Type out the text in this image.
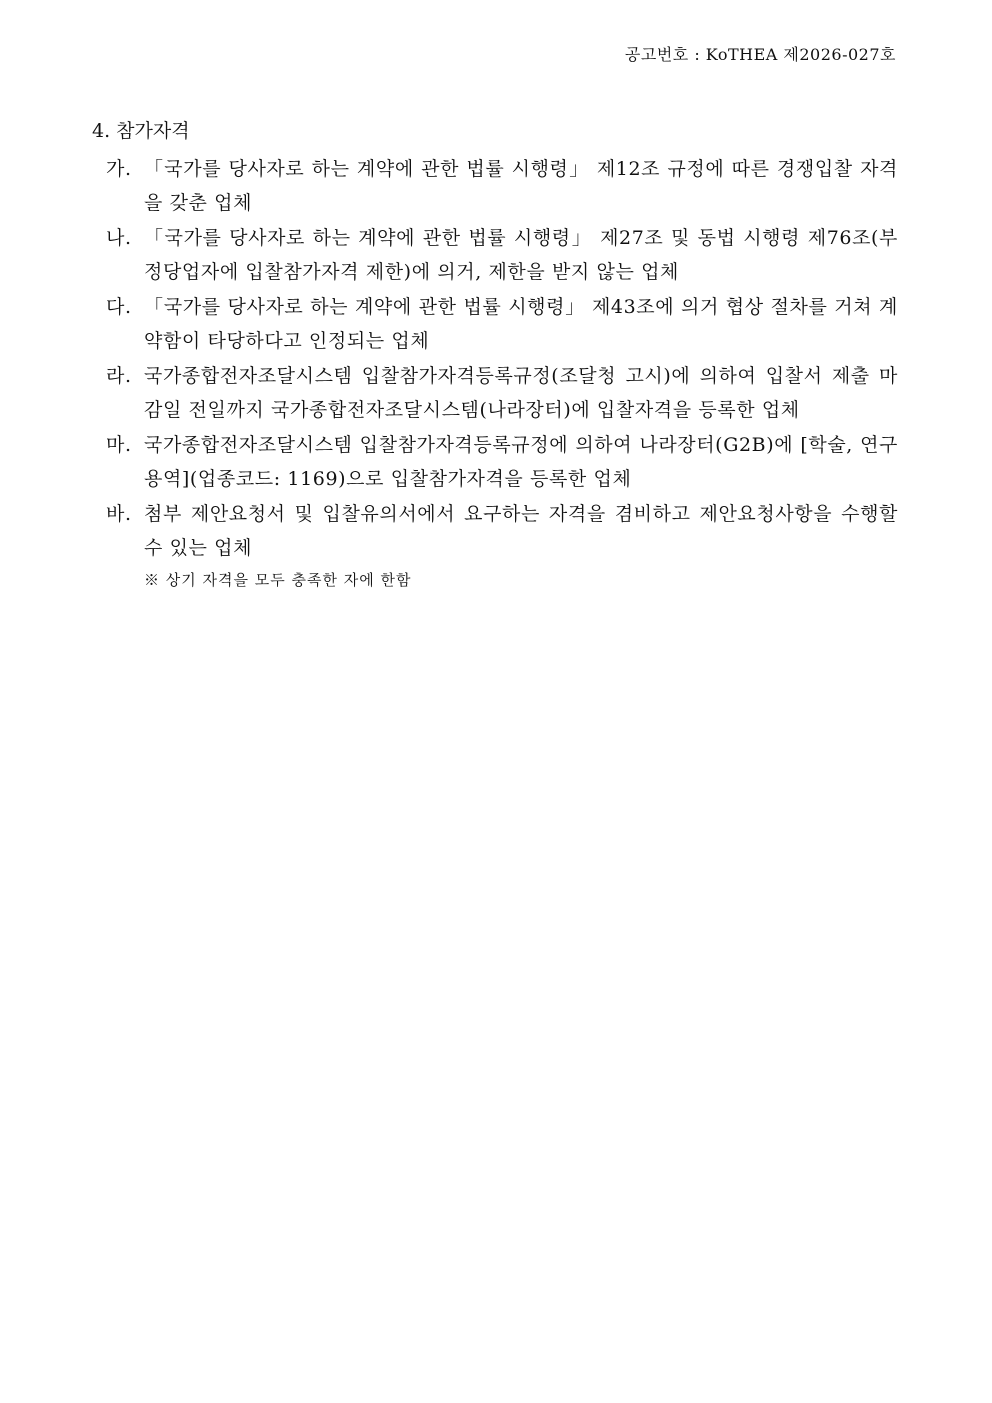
공고번호 : KoTHEA 제2026-027호
4. 참가자격
가. 「국가를 당사자로 하는 계약에 관한 법률 시행령」 제12조 규정에 따른 경쟁입찰 자격을 갖춘 업체
나. 「국가를 당사자로 하는 계약에 관한 법률 시행령」 제27조 및 동법 시행령 제76조(부정당업자에 입찰참가자격 제한)에 의거, 제한을 받지 않는 업체
다. 「국가를 당사자로 하는 계약에 관한 법률 시행령」 제43조에 의거 협상 절차를 거쳐 계약함이 타당하다고 인정되는 업체
라. 국가종합전자조달시스템 입찰참가자격등록규정(조달청 고시)에 의하여 입찰서 제출 마감일 전일까지 국가종합전자조달시스템(나라장터)에 입찰자격을 등록한 업체
마. 국가종합전자조달시스템 입찰참가자격등록규정에 의하여 나라장터(G2B)에 [학술, 연구용역](업종코드: 1169)으로 입찰참가자격을 등록한 업체
바. 첨부 제안요청서 및 입찰유의서에서 요구하는 자격을 겸비하고 제안요청사항을 수행할 수 있는 업체
※ 상기 자격을 모두 충족한 자에 한함
